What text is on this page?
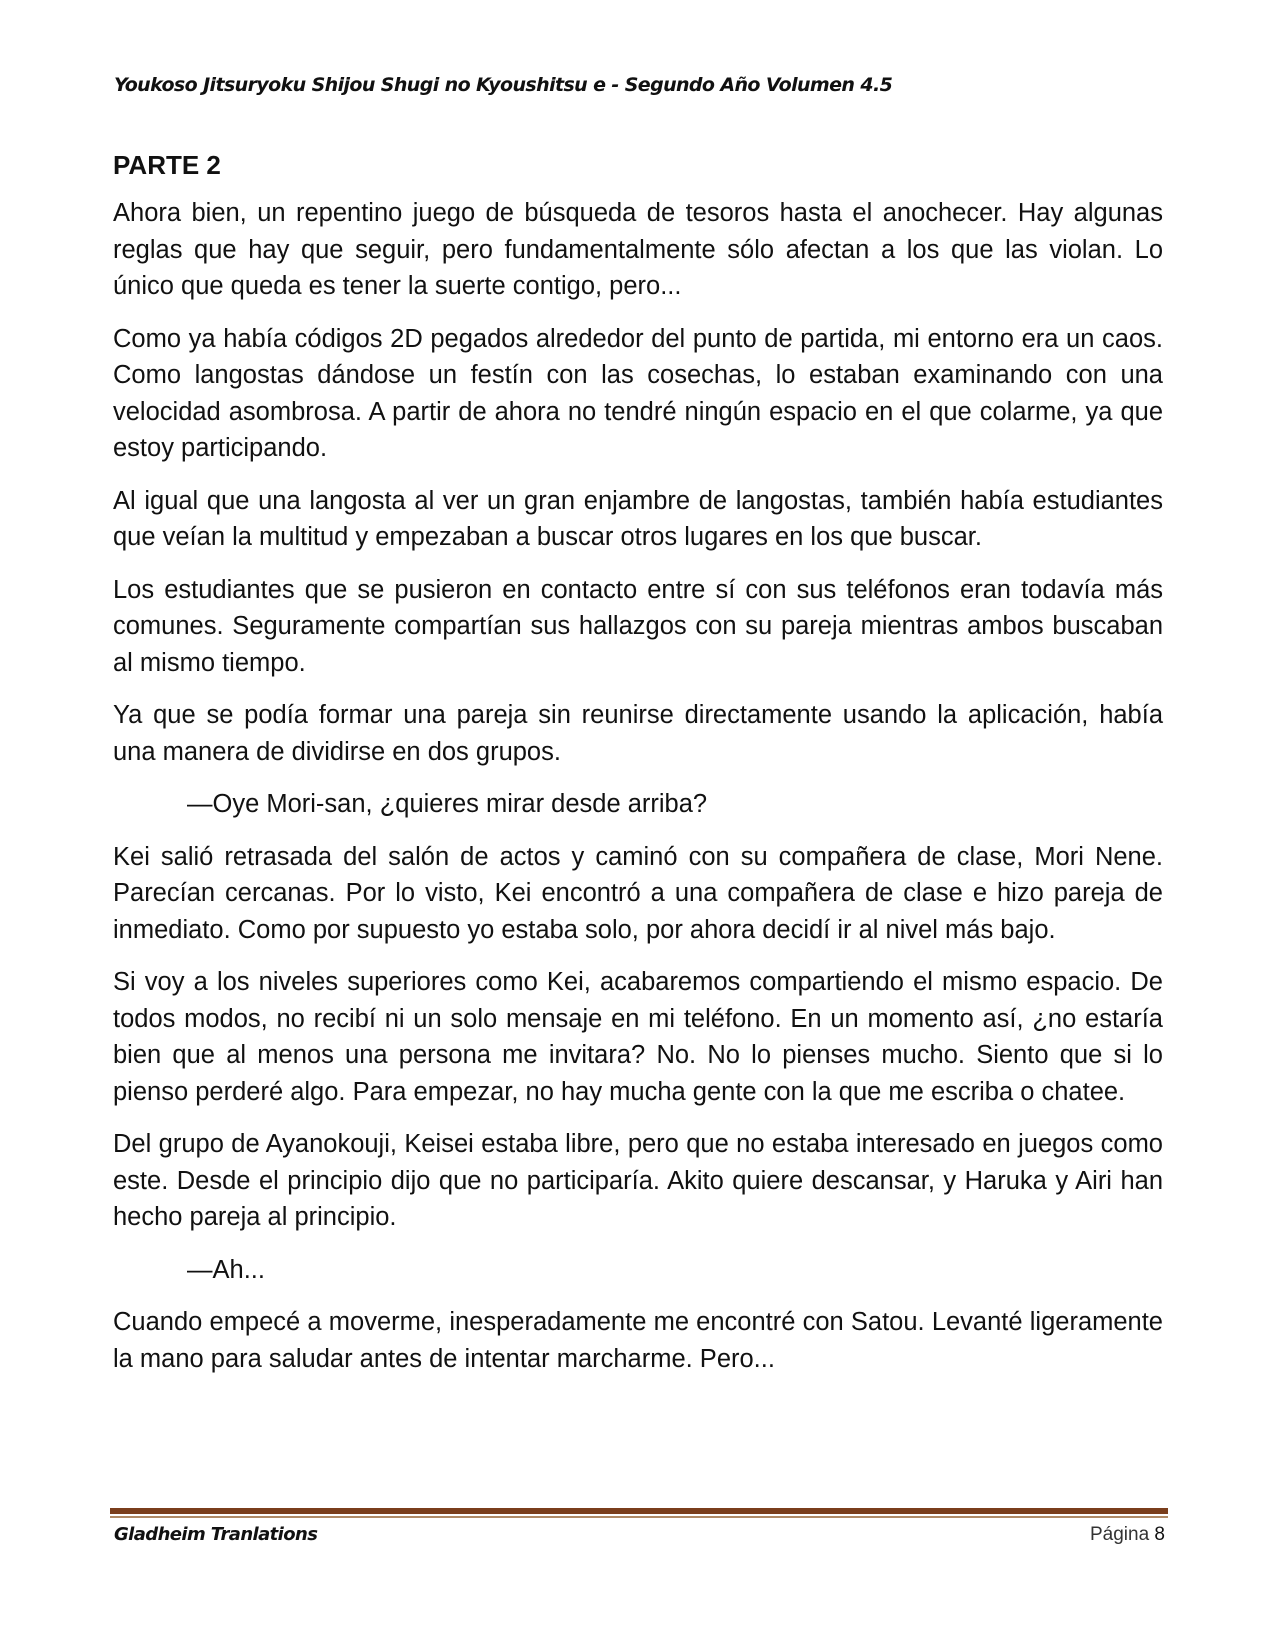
Youkoso Jitsuryoku Shijou Shugi no Kyoushitsu e - Segundo Año Volumen 4.5
PARTE 2

Ahora bien, un repentino juego de búsqueda de tesoros hasta el anochecer. Hay algunas reglas que hay que seguir, pero fundamentalmente sólo afectan a los que las violan. Lo único que queda es tener la suerte contigo, pero...

Como ya había códigos 2D pegados alrededor del punto de partida, mi entorno era un caos. Como langostas dándose un festín con las cosechas, lo estaban examinando con una velocidad asombrosa. A partir de ahora no tendré ningún espacio en el que colarme, ya que estoy participando.

Al igual que una langosta al ver un gran enjambre de langostas, también había estudiantes que veían la multitud y empezaban a buscar otros lugares en los que buscar.

Los estudiantes que se pusieron en contacto entre sí con sus teléfonos eran todavía más comunes. Seguramente compartían sus hallazgos con su pareja mientras ambos buscaban al mismo tiempo.

Ya que se podía formar una pareja sin reunirse directamente usando la aplicación, había una manera de dividirse en dos grupos.

—Oye Mori-san, ¿quieres mirar desde arriba?

Kei salió retrasada del salón de actos y caminó con su compañera de clase, Mori Nene. Parecían cercanas. Por lo visto, Kei encontró a una compañera de clase e hizo pareja de inmediato. Como por supuesto yo estaba solo, por ahora decidí ir al nivel más bajo.

Si voy a los niveles superiores como Kei, acabaremos compartiendo el mismo espacio. De todos modos, no recibí ni un solo mensaje en mi teléfono. En un momento así, ¿no estaría bien que al menos una persona me invitara? No. No lo pienses mucho. Siento que si lo pienso perderé algo. Para empezar, no hay mucha gente con la que me escriba o chatee.

Del grupo de Ayanokouji, Keisei estaba libre, pero que no estaba interesado en juegos como este. Desde el principio dijo que no participaría. Akito quiere descansar, y Haruka y Airi han hecho pareja al principio.

—Ah...

Cuando empecé a moverme, inesperadamente me encontré con Satou. Levanté ligeramente la mano para saludar antes de intentar marcharme. Pero...

Gladheim Tranlations	Página 8
